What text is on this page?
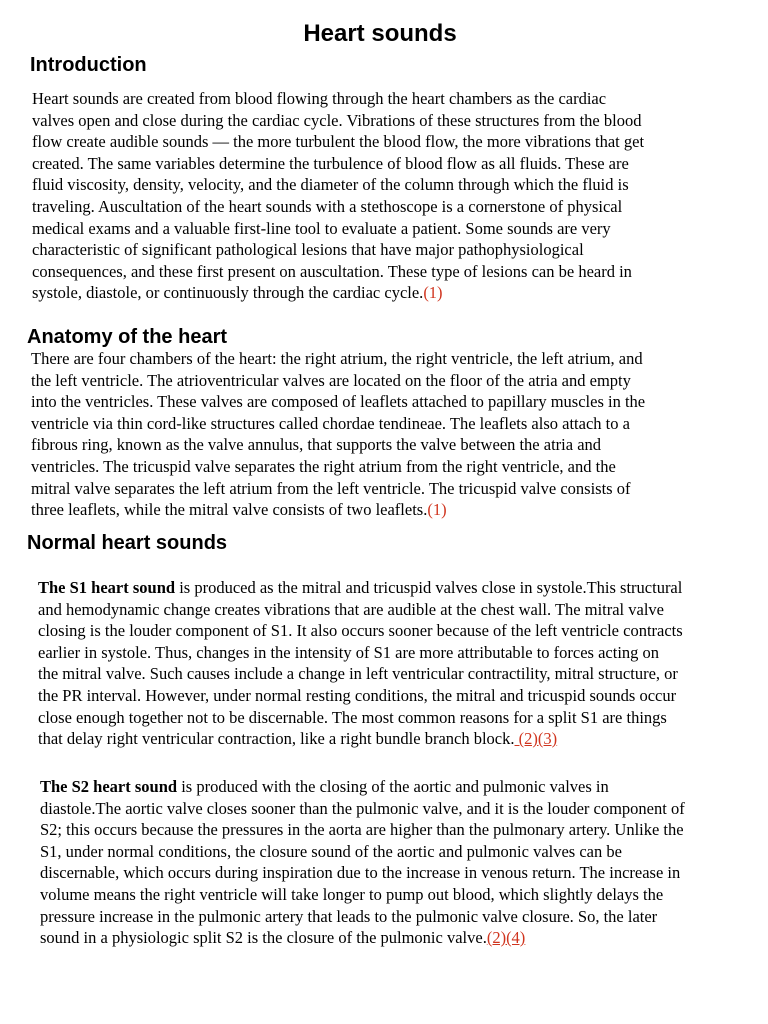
Heart sounds
Introduction
Heart sounds are created from blood flowing through the heart chambers as the cardiac
valves open and close during the cardiac cycle. Vibrations of these structures from the blood
flow create audible sounds — the more turbulent the blood flow, the more vibrations that get
created. The same variables determine the turbulence of blood flow as all fluids. These are
fluid viscosity, density, velocity, and the diameter of the column through which the fluid is
traveling. Auscultation of the heart sounds with a stethoscope is a cornerstone of physical
medical exams and a valuable first-line tool to evaluate a patient. Some sounds are very
characteristic of significant pathological lesions that have major pathophysiological
consequences, and these first present on auscultation. These type of lesions can be heard in
systole, diastole, or continuously through the cardiac cycle.(1)
Anatomy of the heart
There are four chambers of the heart: the right atrium, the right ventricle, the left atrium, and
the left ventricle. The atrioventricular valves are located on the floor of the atria and empty
into the ventricles. These valves are composed of leaflets attached to papillary muscles in the
ventricle via thin cord-like structures called chordae tendineae. The leaflets also attach to a
fibrous ring, known as the valve annulus, that supports the valve between the atria and
ventricles. The tricuspid valve separates the right atrium from the right ventricle, and the
mitral valve separates the left atrium from the left ventricle. The tricuspid valve consists of
three leaflets, while the mitral valve consists of two leaflets.(1)
Normal heart sounds
The S1 heart sound is produced as the mitral and tricuspid valves close in systole.This structural
and hemodynamic change creates vibrations that are audible at the chest wall. The mitral valve
closing is the louder component of S1. It also occurs sooner because of the left ventricle contracts
earlier in systole. Thus, changes in the intensity of S1 are more attributable to forces acting on
the mitral valve. Such causes include a change in left ventricular contractility, mitral structure, or
the PR interval. However, under normal resting conditions, the mitral and tricuspid sounds occur
close enough together not to be discernable. The most common reasons for a split S1 are things
that delay right ventricular contraction, like a right bundle branch block. (2)(3)
The S2 heart sound is produced with the closing of the aortic and pulmonic valves in
diastole.The aortic valve closes sooner than the pulmonic valve, and it is the louder component of
S2; this occurs because the pressures in the aorta are higher than the pulmonary artery. Unlike the
S1, under normal conditions, the closure sound of the aortic and pulmonic valves can be
discernable, which occurs during inspiration due to the increase in venous return. The increase in
volume means the right ventricle will take longer to pump out blood, which slightly delays the
pressure increase in the pulmonic artery that leads to the pulmonic valve closure. So, the later
sound in a physiologic split S2 is the closure of the pulmonic valve.(2)(4)
